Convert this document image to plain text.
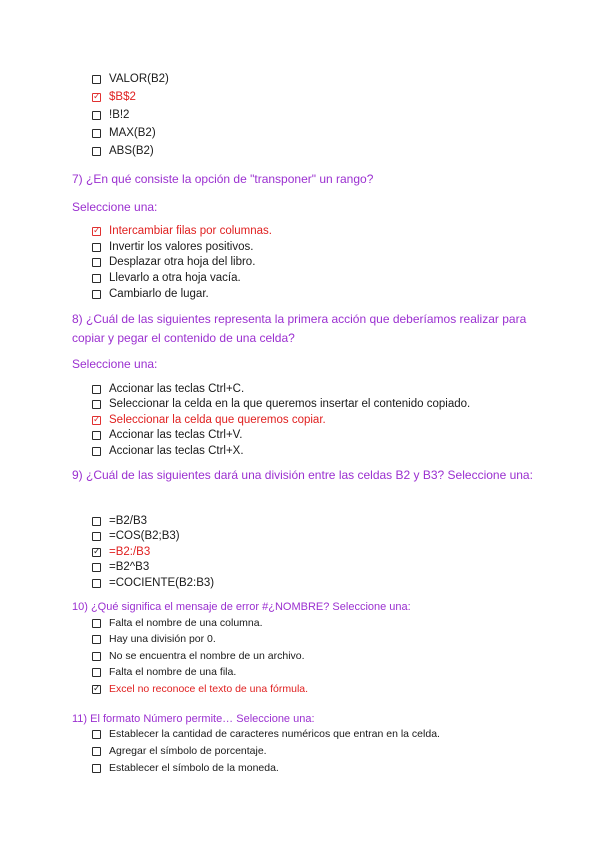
VALOR(B2)
✓ $B$2
!B!2
MAX(B2)
ABS(B2)
7) ¿En qué consiste la opción de "transponer" un rango?
Seleccione una:
✓ Intercambiar filas por columnas.
Invertir los valores positivos.
Desplazar otra hoja del libro.
Llevarlo a otra hoja vacía.
Cambiarlo de lugar.
8) ¿Cuál de las siguientes representa la primera acción que deberíamos realizar para copiar y pegar el contenido de una celda?
Seleccione una:
Accionar las teclas Ctrl+C.
Seleccionar la celda en la que queremos insertar el contenido copiado.
✓ Seleccionar la celda que queremos copiar.
Accionar las teclas Ctrl+V.
Accionar las teclas Ctrl+X.
9) ¿Cuál de las siguientes dará una división entre las celdas B2 y B3? Seleccione una:
=B2/B3
=COS(B2;B3)
✓ =B2:/B3
=B2^B3
=COCIENTE(B2:B3)
10) ¿Qué significa el mensaje de error #¿NOMBRE? Seleccione una:
Falta el nombre de una columna.
Hay una división por 0.
No se encuentra el nombre de un archivo.
Falta el nombre de una fila.
✓ Excel no reconoce el texto de una fórmula.
11) El formato Número permite… Seleccione una:
Establecer la cantidad de caracteres numéricos que entran en la celda.
Agregar el símbolo de porcentaje.
Establecer el símbolo de la moneda.
